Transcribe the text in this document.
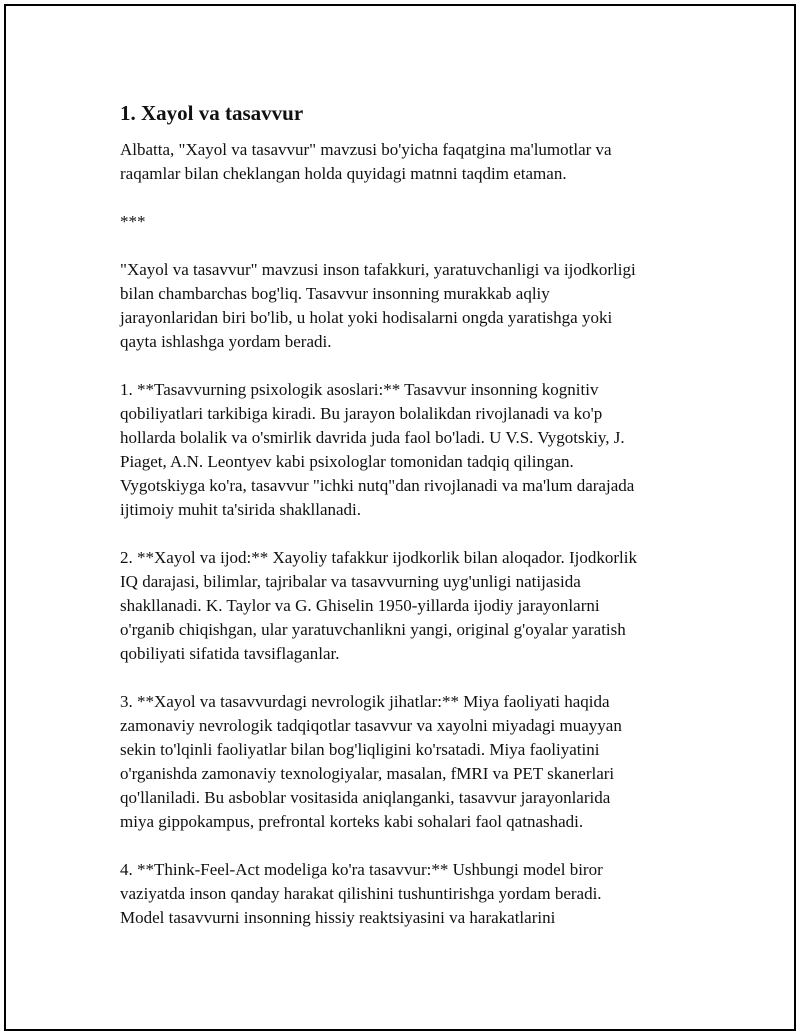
1. Xayol va tasavvur

Albatta, "Xayol va tasavvur" mavzusi bo'yicha faqatgina ma'lumotlar va
raqamlar bilan cheklangan holda quyidagi matnni taqdim etaman.

***

"Xayol va tasavvur" mavzusi inson tafakkuri, yaratuvchanligi va ijodkorligi
bilan chambarchas bog'liq. Tasavvur insonning murakkab aqliy
jarayonlaridan biri bo'lib, u holat yoki hodisalarni ongda yaratishga yoki
qayta ishlashga yordam beradi.

1. **Tasavvurning psixologik asoslari:** Tasavvur insonning kognitiv
qobiliyatlari tarkibiga kiradi. Bu jarayon bolalikdan rivojlanadi va ko'p
hollarda bolalik va o'smirlik davrida juda faol bo'ladi. U V.S. Vygotskiy, J.
Piaget, A.N. Leontyev kabi psixologlar tomonidan tadqiq qilingan.
Vygotskiyga ko'ra, tasavvur "ichki nutq"dan rivojlanadi va ma'lum darajada
ijtimoiy muhit ta'sirida shakllanadi.

2. **Xayol va ijod:** Xayoliy tafakkur ijodkorlik bilan aloqador. Ijodkorlik
IQ darajasi, bilimlar, tajribalar va tasavvurning uyg'unligi natijasida
shakllanadi. K. Taylor va G. Ghiselin 1950-yillarda ijodiy jarayonlarni
o'rganib chiqishgan, ular yaratuvchanlikni yangi, original g'oyalar yaratish
qobiliyati sifatida tavsiflaganlar.

3. **Xayol va tasavvurdagi nevrologik jihatlar:** Miya faoliyati haqida
zamonaviy nevrologik tadqiqotlar tasavvur va xayolni miyadagi muayyan
sekin to'lqinli faoliyatlar bilan bog'liqligini ko'rsatadi. Miya faoliyatini
o'rganishda zamonaviy texnologiyalar, masalan, fMRI va PET skanerlari
qo'llaniladi. Bu asboblar vositasida aniqlanganki, tasavvur jarayonlarida
miya gippokampus, prefrontal korteks kabi sohalari faol qatnashadi.

4. **Think-Feel-Act modeliga ko'ra tasavvur:** Ushbungi model biror
vaziyatda inson qanday harakat qilishini tushuntirishga yordam beradi.
Model tasavvurni insonning hissiy reaktsiyasini va harakatlarini
